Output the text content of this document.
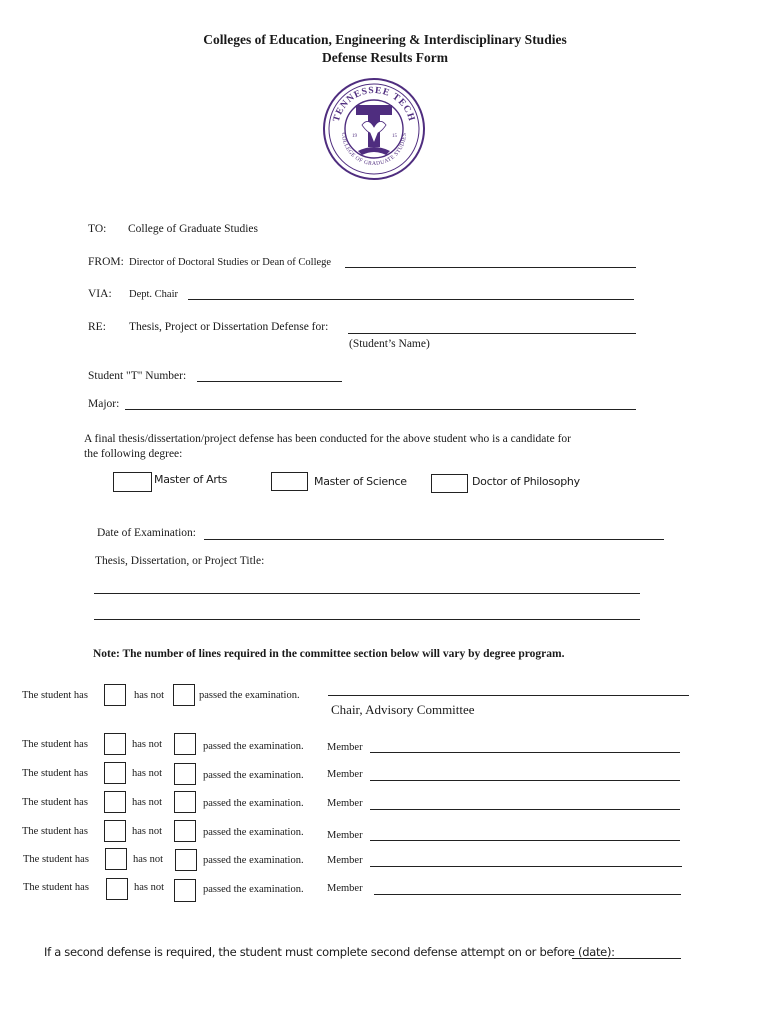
Colleges of Education, Engineering & Interdisciplinary Studies
Defense Results Form
TENNESSEE TECH
COLLEGE OF GRADUATE STUDIES
19	15
TO: College of Graduate Studies
FROM: Director of Doctoral Studies or Dean of College
VIA: Dept. Chair
RE: Thesis, Project or Dissertation Defense for:
(Student’s Name)
Student "T" Number:
Major:
A final thesis/dissertation/project defense has been conducted for the above student who is a candidate for
the following degree:
Master of Arts	Master of Science	Doctor of Philosophy
Date of Examination:
Thesis, Dissertation, or Project Title:
Note: The number of lines required in the committee section below will vary by degree program.
The student has	has not	passed the examination.
Chair, Advisory Committee
The student has	has not	passed the examination. Member
The student has	has not	passed the examination. Member
The student has	has not	passed the examination. Member
The student has	has not	passed the examination. Member
The student has	has not	passed the examination. Member
The student has	has not	passed the examination. Member
If a second defense is required, the student must complete second defense attempt on or before (date):
